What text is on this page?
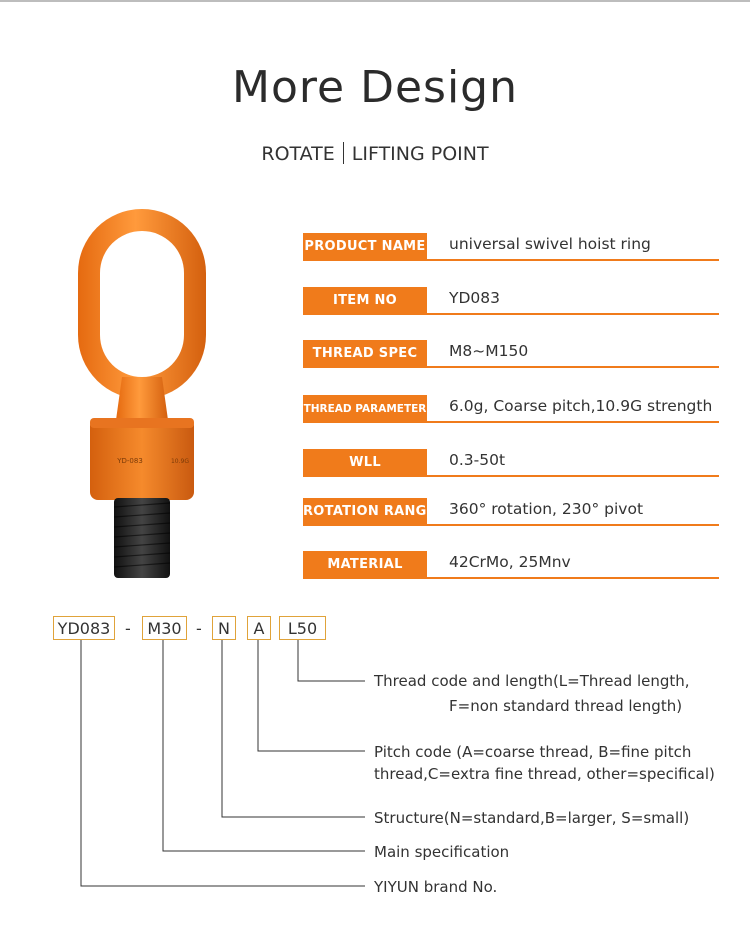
More Design
ROTATE LIFTING POINT
YD-083	10.9G
PRODUCT NAME universal swivel hoist ring
ITEM NO	YD083
THREAD SPEC	M8~M150
THREAD PARAMETER 6.0g, Coarse pitch,10.9G strength
WLL	0.3-50t
ROTATION RANGE 360° rotation, 230° pivot
MATERIAL	42CrMo, 25Mnv
YD083 -	M30 -	N	A	L50
Thread code and length(L=Thread length,
F=non standard thread length)
Pitch code (A=coarse thread, B=fine pitch
thread,C=extra fine thread, other=specifical)
Structure(N=standard,B=larger, S=small)
Main specification
YIYUN brand No.
